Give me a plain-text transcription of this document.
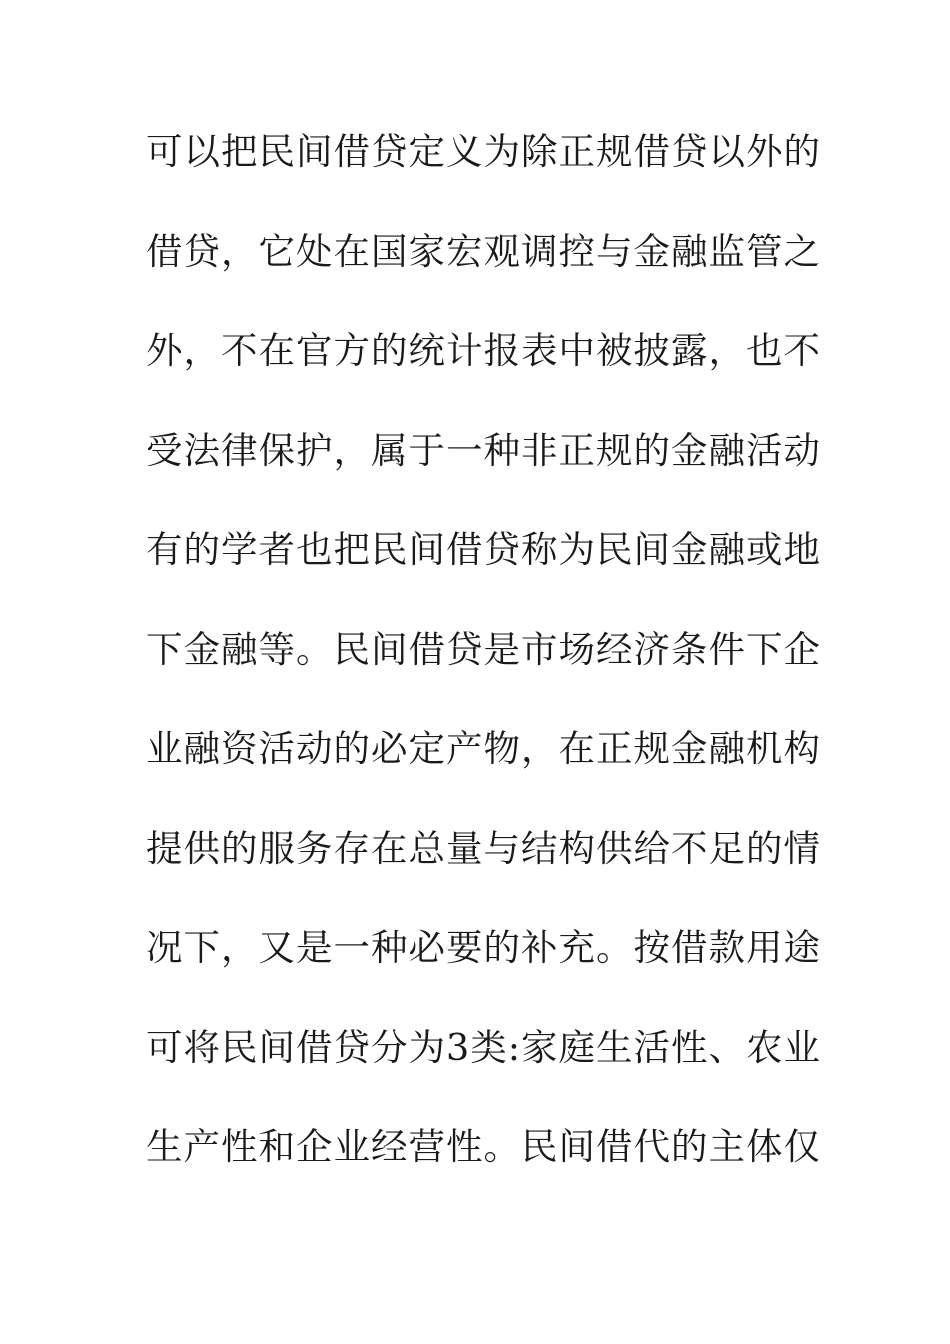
可以把民间借贷定义为除正规借贷以外的
借贷，它处在国家宏观调控与金融监管之
外，不在官方的统计报表中被披露，也不
受法律保护，属于一种非正规的金融活动
有的学者也把民间借贷称为民间金融或地
下金融等。民间借贷是市场经济条件下企
业融资活动的必定产物，在正规金融机构
提供的服务存在总量与结构供给不足的情
况下，又是一种必要的补充。按借款用途
可将民间借贷分为3类:家庭生活性、农业
生产性和企业经营性。民间借代的主体仅
